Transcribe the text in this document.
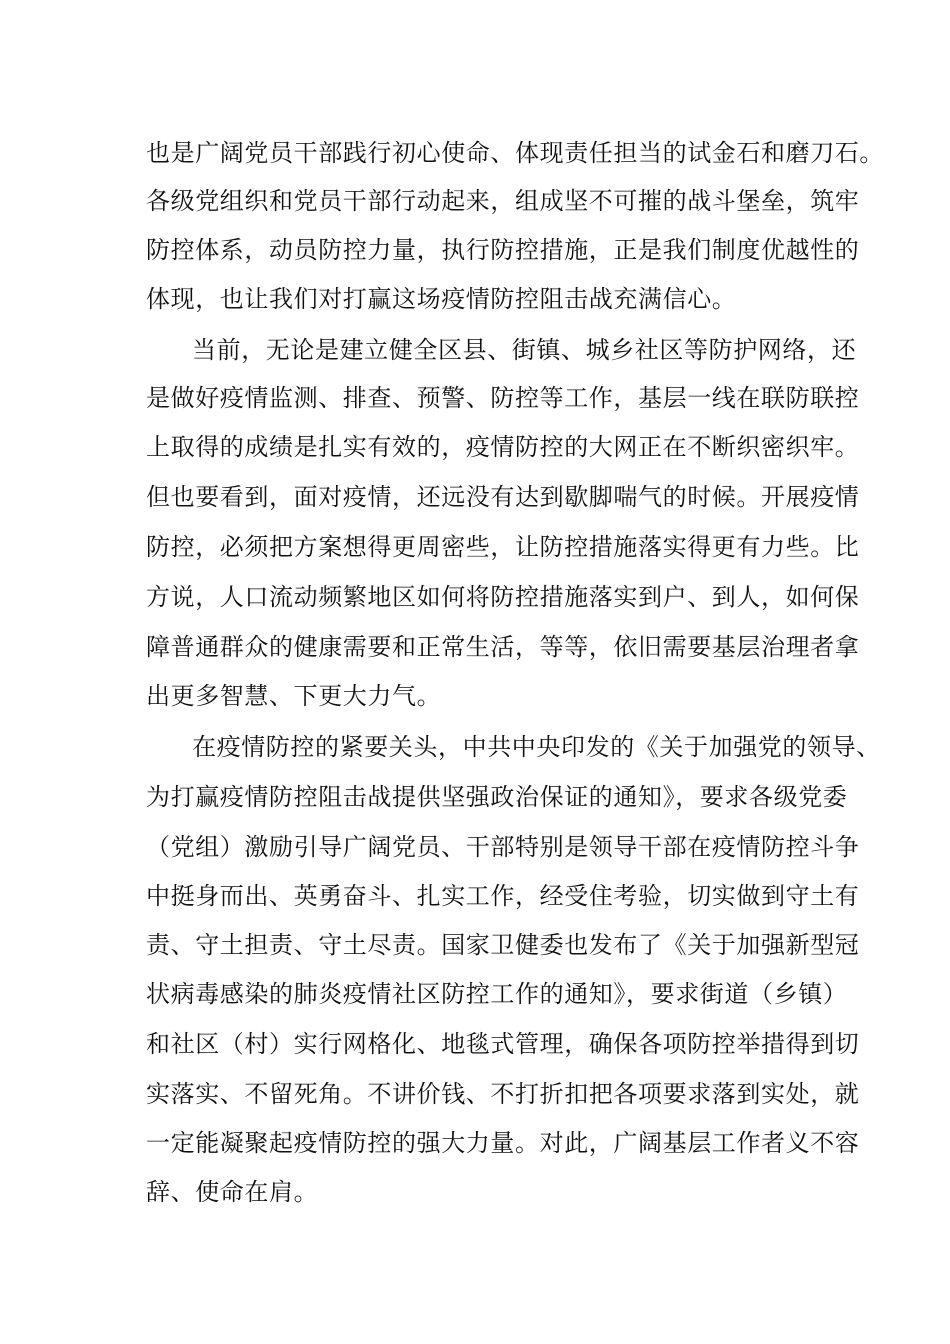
也是广阔党员干部践行初心使命、体现责任担当的试金石和磨刀石。
各级党组织和党员干部行动起来，组成坚不可摧的战斗堡垒，筑牢
防控体系，动员防控力量，执行防控措施，正是我们制度优越性的
体现，也让我们对打赢这场疫情防控阻击战充满信心。
当前，无论是建立健全区县、街镇、城乡社区等防护网络，还
是做好疫情监测、排查、预警、防控等工作，基层一线在联防联控
上取得的成绩是扎实有效的，疫情防控的大网正在不断织密织牢。
但也要看到，面对疫情，还远没有达到歇脚喘气的时候。开展疫情
防控，必须把方案想得更周密些，让防控措施落实得更有力些。比
方说，人口流动频繁地区如何将防控措施落实到户、到人，如何保
障普通群众的健康需要和正常生活，等等，依旧需要基层治理者拿
出更多智慧、下更大力气。
在疫情防控的紧要关头，中共中央印发的《关于加强党的领导、
为打赢疫情防控阻击战提供坚强政治保证的通知》，要求各级党委
（党组）激励引导广阔党员、干部特别是领导干部在疫情防控斗争
中挺身而出、英勇奋斗、扎实工作，经受住考验，切实做到守土有
责、守土担责、守土尽责。国家卫健委也发布了《关于加强新型冠
状病毒感染的肺炎疫情社区防控工作的通知》，要求街道（乡镇）
和社区（村）实行网格化、地毯式管理，确保各项防控举措得到切
实落实、不留死角。不讲价钱、不打折扣把各项要求落到实处，就
一定能凝聚起疫情防控的强大力量。对此，广阔基层工作者义不容
辞、使命在肩。
